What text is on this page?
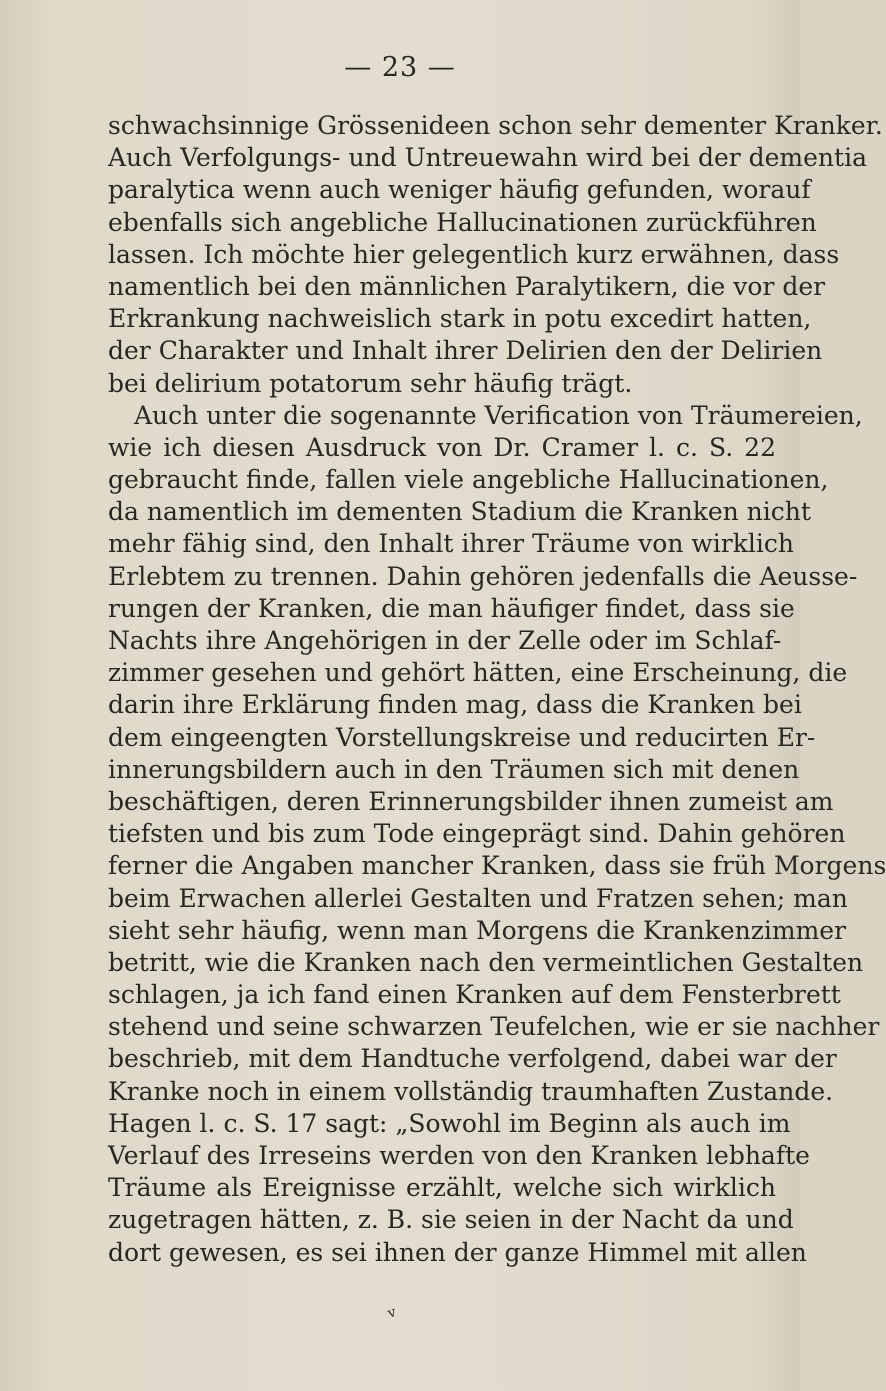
— 23 —
schwachsinnige Grössenideen schon sehr dementer Kranker.
Auch Verfolgungs- und Untreuewahn wird bei der dementia
paralytica wenn auch weniger häufig gefunden, worauf
ebenfalls sich angebliche Hallucinationen zurückführen
lassen. Ich möchte hier gelegentlich kurz erwähnen, dass
namentlich bei den männlichen Paralytikern, die vor der
Erkrankung nachweislich stark in potu excedirt hatten,
der Charakter und Inhalt ihrer Delirien den der Delirien
bei delirium potatorum sehr häufig trägt.
Auch unter die sogenannte Verification von Träumereien,
wie ich diesen Ausdruck von Dr. Cramer l. c. S. 22
gebraucht finde, fallen viele angebliche Hallucinationen,
da namentlich im dementen Stadium die Kranken nicht
mehr fähig sind, den Inhalt ihrer Träume von wirklich
Erlebtem zu trennen. Dahin gehören jedenfalls die Aeusse-
rungen der Kranken, die man häufiger findet, dass sie
Nachts ihre Angehörigen in der Zelle oder im Schlaf-
zimmer gesehen und gehört hätten, eine Erscheinung, die
darin ihre Erklärung finden mag, dass die Kranken bei
dem eingeengten Vorstellungskreise und reducirten Er-
innerungsbildern auch in den Träumen sich mit denen
beschäftigen, deren Erinnerungsbilder ihnen zumeist am
tiefsten und bis zum Tode eingeprägt sind. Dahin gehören
ferner die Angaben mancher Kranken, dass sie früh Morgens
beim Erwachen allerlei Gestalten und Fratzen sehen; man
sieht sehr häufig, wenn man Morgens die Krankenzimmer
betritt, wie die Kranken nach den vermeintlichen Gestalten
schlagen, ja ich fand einen Kranken auf dem Fensterbrett
stehend und seine schwarzen Teufelchen, wie er sie nachher
beschrieb, mit dem Handtuche verfolgend, dabei war der
Kranke noch in einem vollständig traumhaften Zustande.
Hagen l. c. S. 17 sagt: „Sowohl im Beginn als auch im
Verlauf des Irreseins werden von den Kranken lebhafte
Träume als Ereignisse erzählt, welche sich wirklich
zugetragen hätten, z. B. sie seien in der Nacht da und
dort gewesen, es sei ihnen der ganze Himmel mit allen
v
